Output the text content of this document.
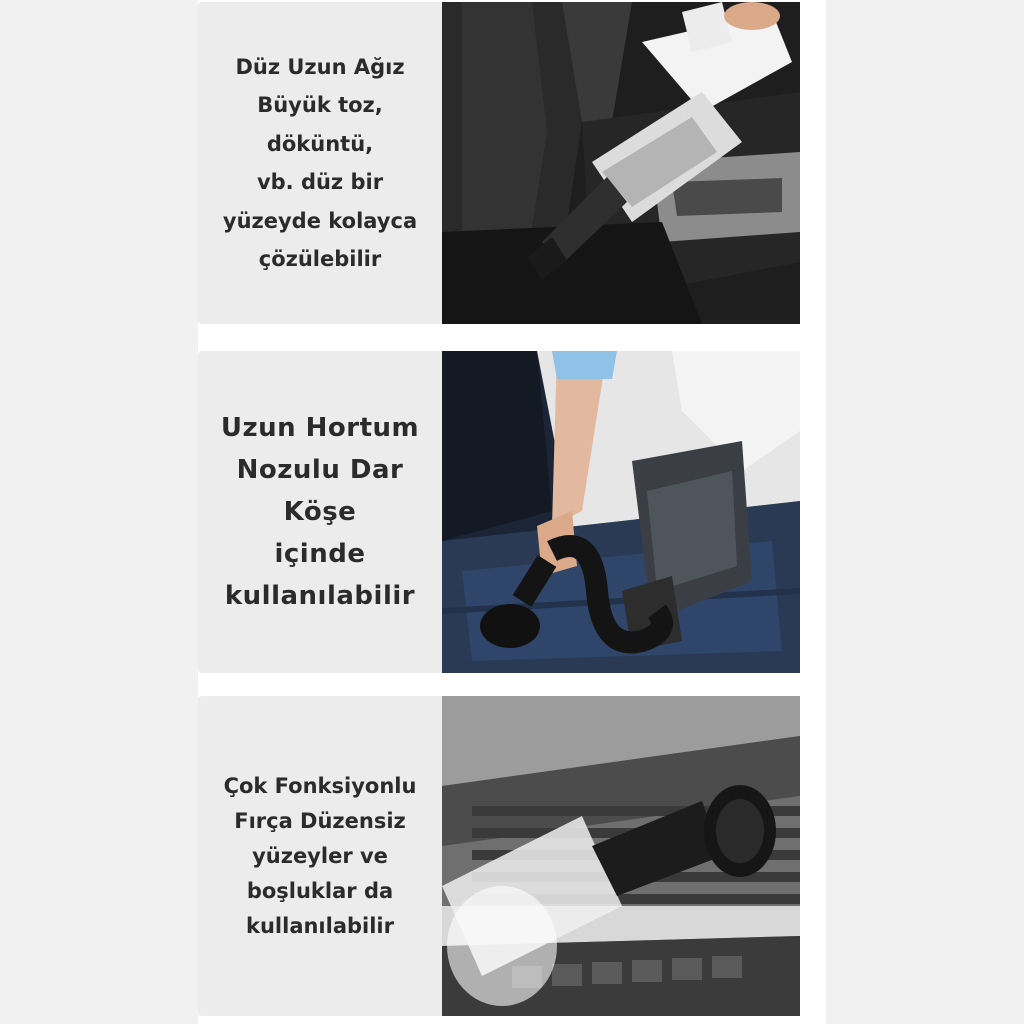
Düz Uzun Ağız
Büyük toz,
döküntü,
vb. düz bir
yüzeyde kolayca
çözülebilir

Uzun Hortum
Nozulu Dar
Köşe
içinde
kullanılabilir

Çok Fonksiyonlu
Fırça Düzensiz
yüzeyler ve
boşluklar da
kullanılabilir
